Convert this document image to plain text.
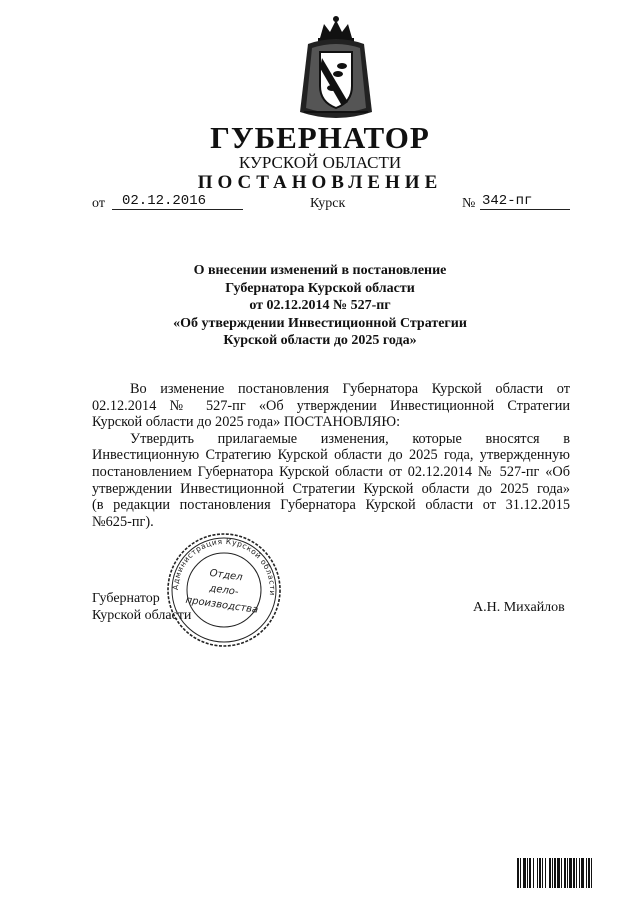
ГУБЕРНАТОР
КУРСКОЙ ОБЛАСТИ
ПОСТАНОВЛЕНИЕ
от	02.12.2016	Курск	№ 342-пг
О внесении изменений в постановление
Губернатора Курской области
от 02.12.2014 № 527-пг
«Об утверждении Инвестиционной Стратегии
Курской области до 2025 года»
Во изменение постановления Губернатора Курской области от
02.12.2014 № 527-пг «Об утверждении Инвестиционной Стратегии
Курской области до 2025 года» ПОСТАНОВЛЯЮ:
Утвердить прилагаемые изменения, которые вносятся в
Инвестиционную Стратегию Курской области до 2025 года, утвержденную
постановлением Губернатора Курской области от 02.12.2014 № 527-пг «Об
утверждении Инвестиционной Стратегии Курской области до 2025 года»
(в редакции постановления Губернатора Курской области от 31.12.2015
№625-пг).
Губернатор
Курской области
А.Н. Михайлов
Администрация Курской области
Отдел
дело-
производства
